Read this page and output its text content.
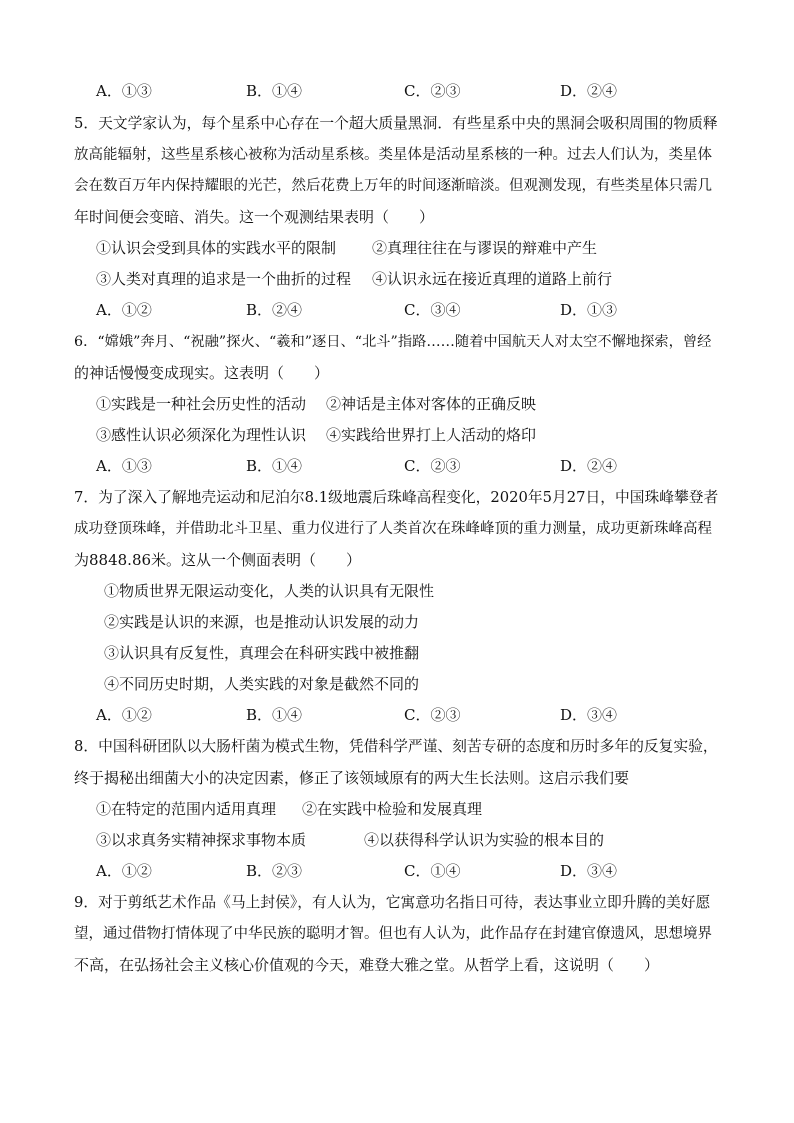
A．①③	B．①④	C．②③	D．②④
5．天文学家认为，每个星系中心存在一个超大质量黑洞．有些星系中央的黑洞会吸积周围的物质释
放高能辐射，这些星系核心被称为活动星系核。类星体是活动星系核的一种。过去人们认为，类星体
会在数百万年内保持耀眼的光芒，然后花费上万年的时间逐渐暗淡。但观测发现，有些类星体只需几
年时间便会变暗、消失。这一个观测结果表明（　　）
①认识会受到具体的实践水平的限制 ②真理往往在与谬误的辩难中产生
③人类对真理的追求是一个曲折的过程 ④认识永远在接近真理的道路上前行
A．①②	B．②④	C．③④	D．①③
6．“嫦娥”奔月、“祝融”探火、“羲和”逐日、“北斗”指路……随着中国航天人对太空不懈地探索，曾经
的神话慢慢变成现实。这表明（　　）
①实践是一种社会历史性的活动 ②神话是主体对客体的正确反映
③感性认识必须深化为理性认识 ④实践给世界打上人活动的烙印
A．①③	B．①④	C．②③	D．②④
7．为了深入了解地壳运动和尼泊尔8.1级地震后珠峰高程变化，2020年5月27日，中国珠峰攀登者
成功登顶珠峰，并借助北斗卫星、重力仪进行了人类首次在珠峰峰顶的重力测量，成功更新珠峰高程
为8848.86米。这从一个侧面表明（　　）
①物质世界无限运动变化，人类的认识具有无限性
②实践是认识的来源，也是推动认识发展的动力
③认识具有反复性，真理会在科研实践中被推翻
④不同历史时期，人类实践的对象是截然不同的
A．①②	B．①④	C．②③	D．③④
8．中国科研团队以大肠杆菌为模式生物，凭借科学严谨、刻苦专研的态度和历时多年的反复实验，
终于揭秘出细菌大小的决定因素，修正了该领域原有的两大生长法则。这启示我们要
①在特定的范围内适用真理 ②在实践中检验和发展真理
③以求真务实精神探求事物本质	④以获得科学认识为实验的根本目的
A．①②	B．②③	C．①④	D．③④
9．对于剪纸艺术作品《马上封侯》，有人认为，它寓意功名指日可待，表达事业立即升腾的美好愿
望，通过借物打情体现了中华民族的聪明才智。但也有人认为，此作品存在封建官僚遗风，思想境界
不高，在弘扬社会主义核心价值观的今天，难登大雅之堂。从哲学上看，这说明（　　）
